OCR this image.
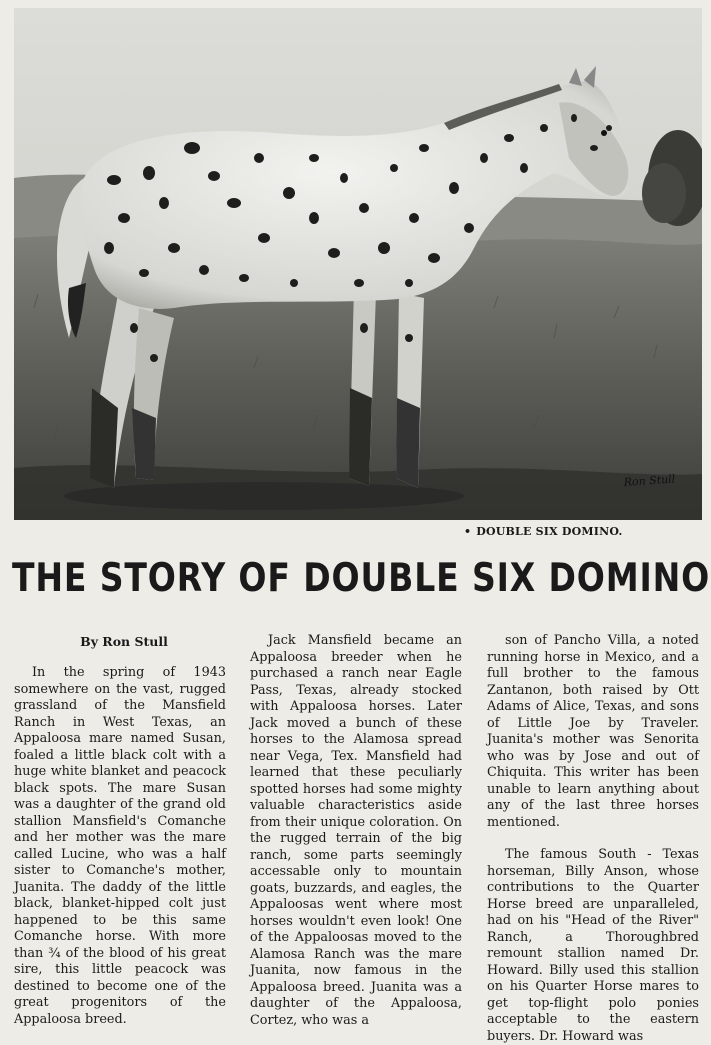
Ron Stull
• DOUBLE SIX DOMINO.
THE STORY OF DOUBLE SIX DOMINO
By Ron Stull

In the spring of 1943 somewhere on the vast, rugged grassland of the Mansfield Ranch in West Texas, an Appaloosa mare named Susan, foaled a little black colt with a huge white blanket and peacock black spots. The mare Susan was a daughter of the grand old stallion Mansfield's Comanche and her mother was the mare called Lucine, who was a half sister to Comanche's mother, Juanita. The daddy of the little black, blanket-hipped colt just happened to be this same Comanche horse. With more than ¾ of the blood of his great sire, this little peacock was destined to become one of the great progenitors of the Appaloosa breed.

Jack Mansfield became an Appaloosa breeder when he purchased a ranch near Eagle Pass, Texas, already stocked with Appaloosa horses. Later Jack moved a bunch of these horses to the Alamosa spread near Vega, Tex. Mansfield had learned that these peculiarly spotted horses had some mighty valuable characteristics aside from their unique coloration. On the rugged terrain of the big ranch, some parts seemingly accessable only to mountain goats, buzzards, and eagles, the Appaloosas went where most horses wouldn't even look! One of the Appaloosas moved to the Alamosa Ranch was the mare Juanita, now famous in the Appaloosa breed. Juanita was a daughter of the Appaloosa, Cortez, who was a

son of Pancho Villa, a noted running horse in Mexico, and a full brother to the famous Zantanon, both raised by Ott Adams of Alice, Texas, and sons of Little Joe by Traveler. Juanita's mother was Senorita who was by Jose and out of Chiquita. This writer has been unable to learn anything about any of the last three horses mentioned.

The famous South - Texas horseman, Billy Anson, whose contributions to the Quarter Horse breed are unparalleled, had on his "Head of the River" Ranch, a Thoroughbred remount stallion named Dr. Howard. Billy used this stallion on his Quarter Horse mares to get top-flight polo ponies acceptable to the eastern buyers. Dr. Howard was
